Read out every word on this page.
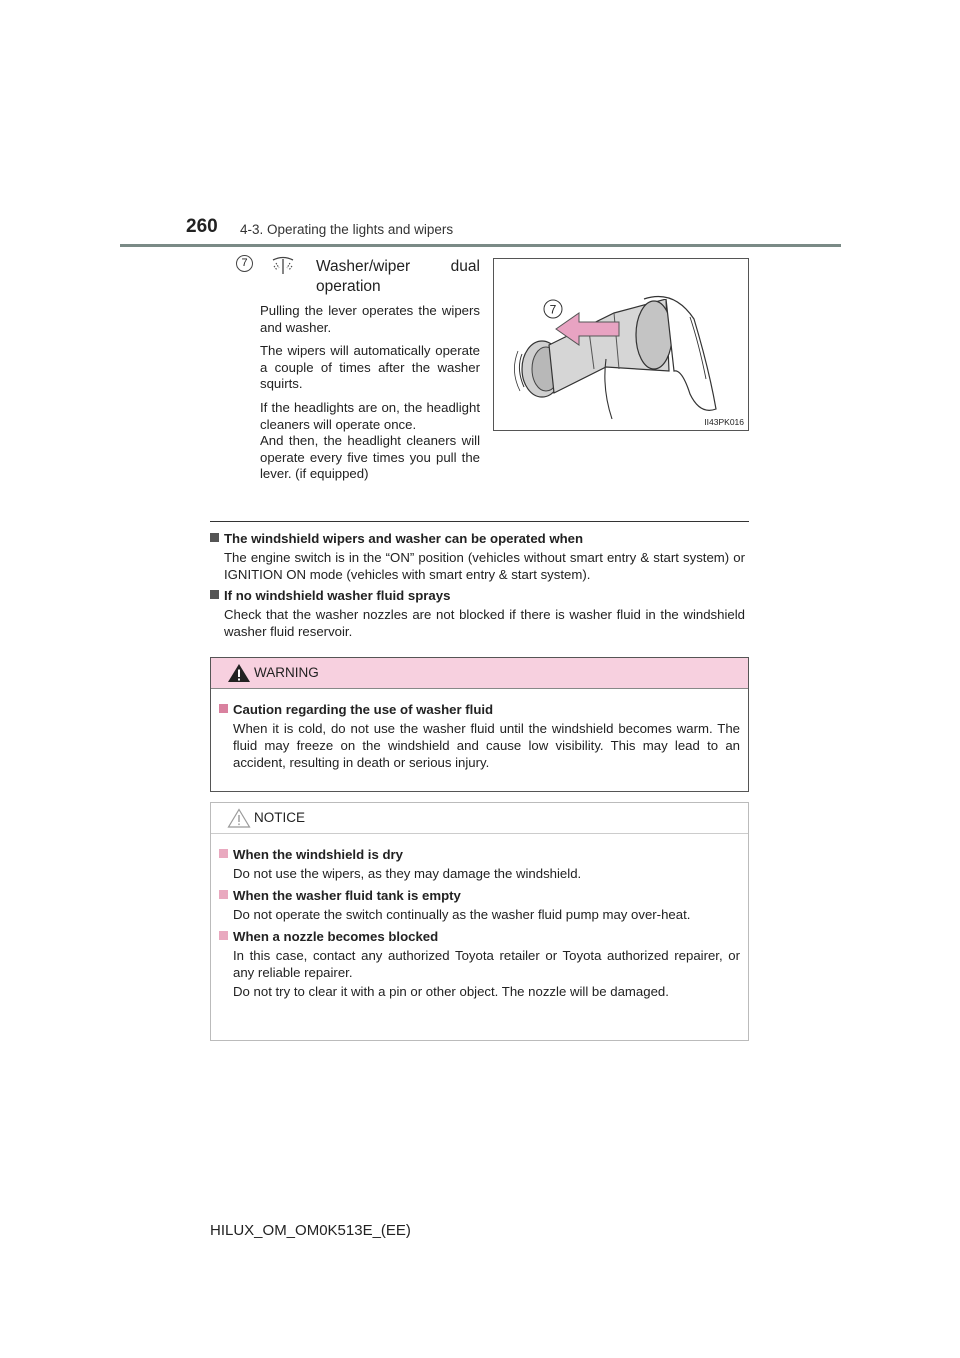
260 4-3. Operating the lights and wipers
7	Washer/wiper dual
operation

Pulling the lever operates the wipers and washer.

The wipers will automatically operate a couple of times after the washer squirts.

If the headlights are on, the headlight cleaners will operate once.

And then, the headlight cleaners will operate every five times you pull the lever. (if equipped)

7
II43PK016
The windshield wipers and washer can be operated when
The engine switch is in the “ON” position (vehicles without smart entry & start system) or IGNITION ON mode (vehicles with smart entry & start system).
If no windshield washer fluid sprays
Check that the washer nozzles are not blocked if there is washer fluid in the windshield washer fluid reservoir.
WARNING
Caution regarding the use of washer fluid
When it is cold, do not use the washer fluid until the windshield becomes warm. The fluid may freeze on the windshield and cause low visibility. This may lead to an accident, resulting in death or serious injury.
NOTICE
When the windshield is dry
Do not use the wipers, as they may damage the windshield.
When the washer fluid tank is empty
Do not operate the switch continually as the washer fluid pump may over-heat.
When a nozzle becomes blocked
In this case, contact any authorized Toyota retailer or Toyota authorized repairer, or any reliable repairer.
Do not try to clear it with a pin or other object. The nozzle will be damaged.
HILUX_OM_OM0K513E_(EE)
